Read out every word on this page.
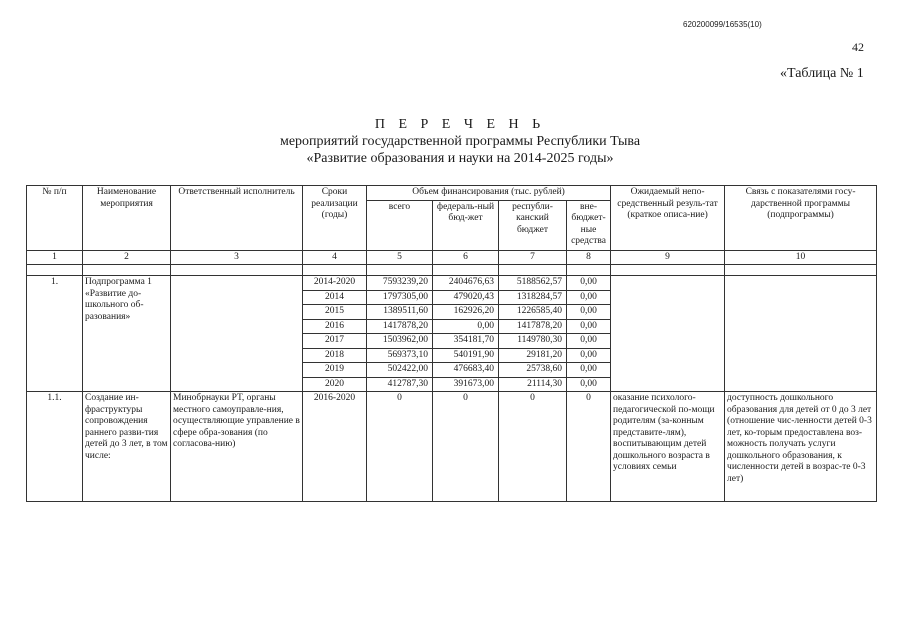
620200099/16535(10)
42
«Таблица № 1
П Е Р Е Ч Е Н Ь
мероприятий государственной программы Республики Тыва
«Развитие образования и науки на 2014-2025 годы»
№ п/п	Наименование мероприятия	Ответственный исполнитель	Сроки реализации (годы)	Объем финансирования (тыс. рублей)				Ожидаемый непо-средственный резуль-тат (краткое описа-ние)	Связь с показателями госу-дарственной программы (подпрограммы)
				всего	федераль-ный бюд-жет	республи-канский бюджет	вне-бюджет-ные средства		
1	2	3	4	5	6	7	8	9	10

1.	Подпрограмма 1 «Развитие до-школьного об-разования»		2014-2020	7593239,20	2404676,63	5188562,57	0,00		
			2014	1797305,00	479020,43	1318284,57	0,00		
			2015	1389511,60	162926,20	1226585,40	0,00		
			2016	1417878,20	0,00	1417878,20	0,00		
			2017	1503962,00	354181,70	1149780,30	0,00		
			2018	569373,10	540191,90	29181,20	0,00		
			2019	502422,00	476683,40	25738,60	0,00		
			2020	412787,30	391673,00	21114,30	0,00		
1.1.	Создание ин-фраструктуры сопровождения раннего разви-тия детей до 3 лет, в том числе:	Минобрнауки РТ, органы местного самоуправле-ния, осуществляющие управление в сфере обра-зования (по согласова-нию)	2016-2020	0	0	0	0	оказание психолого-педагогической по-мощи родителям (за-конным представите-лям), воспитывающим детей дошкольного возраста в условиях семьи	доступность дошкольного образования для детей от 0 до 3 лет (отношение чис-ленности детей 0-3 лет, ко-торым предоставлена воз-можность получать услуги дошкольного образования, к численности детей в возрас-те 0-3 лет)
